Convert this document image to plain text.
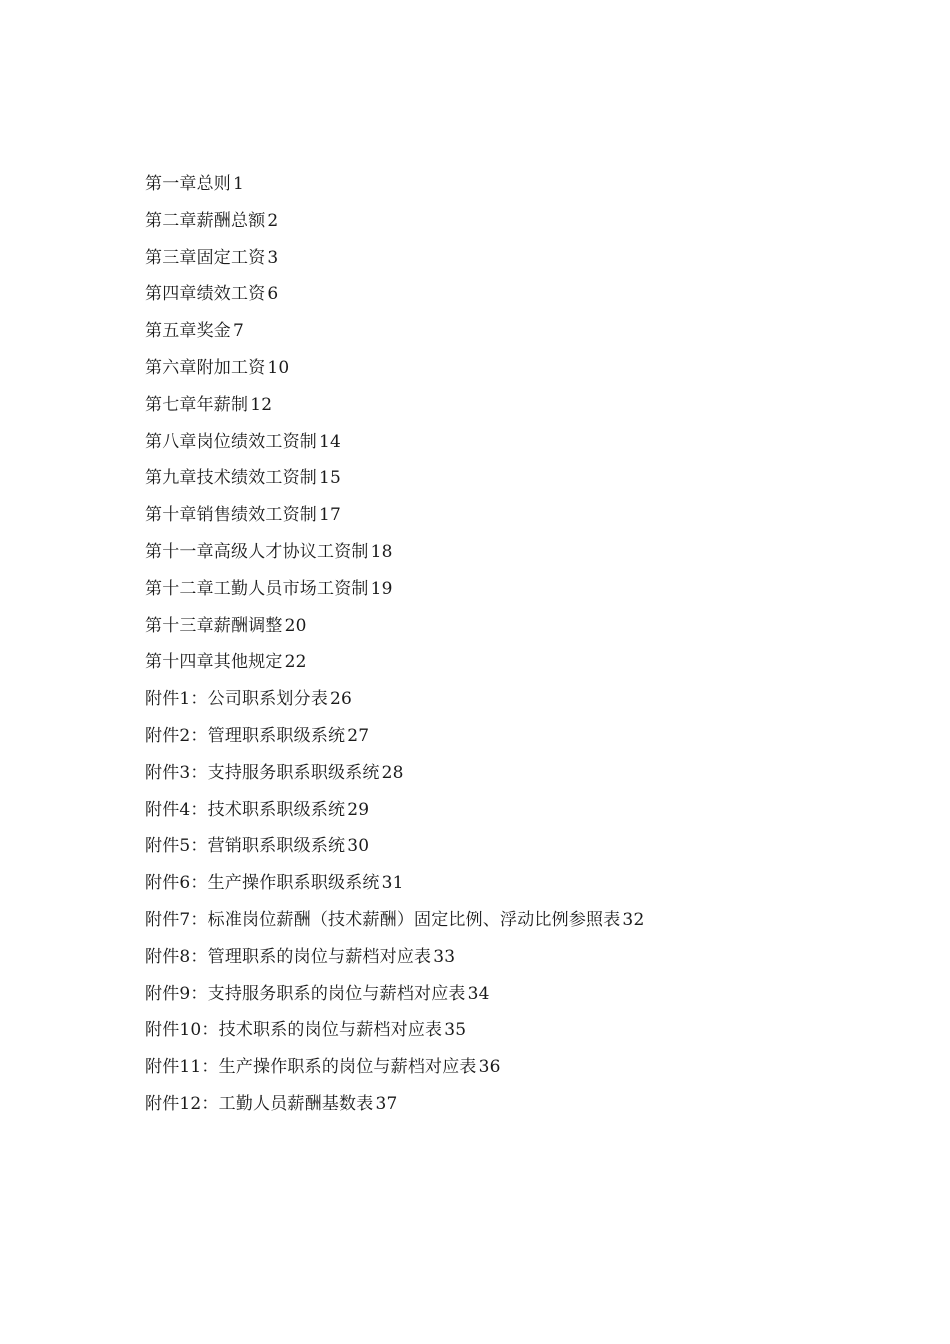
第一章总则 1
第二章薪酬总额 2
第三章固定工资 3
第四章绩效工资 6
第五章奖金 7
第六章附加工资 10
第七章年薪制 12
第八章岗位绩效工资制 14
第九章技术绩效工资制 15
第十章销售绩效工资制 17
第十一章高级人才协议工资制 18
第十二章工勤人员市场工资制 19
第十三章薪酬调整 20
第十四章其他规定 22
附件1：公司职系划分表 26
附件2：管理职系职级系统 27
附件3：支持服务职系职级系统 28
附件4：技术职系职级系统 29
附件5：营销职系职级系统 30
附件6：生产操作职系职级系统 31
附件7：标准岗位薪酬（技术薪酬）固定比例、浮动比例参照表 32
附件8：管理职系的岗位与薪档对应表 33
附件9：支持服务职系的岗位与薪档对应表 34
附件10：技术职系的岗位与薪档对应表 35
附件11：生产操作职系的岗位与薪档对应表 36
附件12：工勤人员薪酬基数表 37
